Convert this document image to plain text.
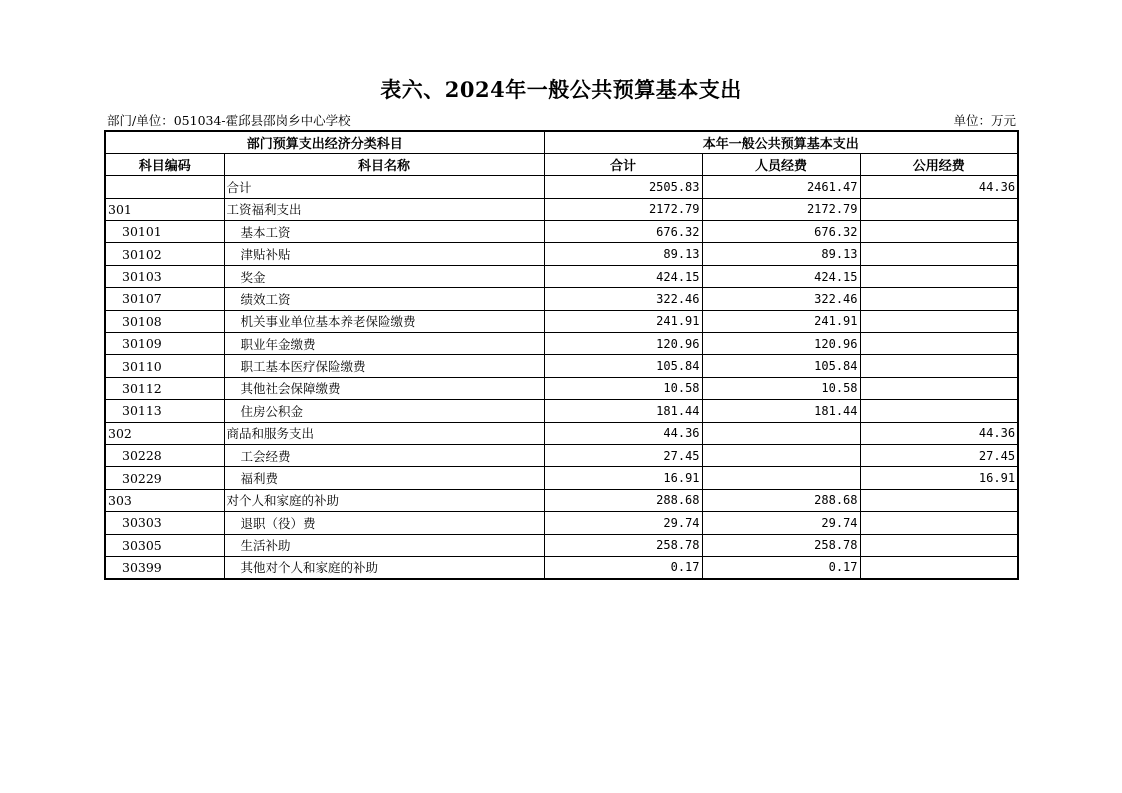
表六、2024年一般公共预算基本支出
部门/单位：051034-霍邱县邵岗乡中心学校	单位：万元
部门预算支出经济分类科目		本年一般公共预算基本支出		
科目编码	科目名称	合计	人员经费	公用经费
	合计	2505.83	2461.47	44.36
301	工资福利支出	2172.79	2172.79	
30101	基本工资	676.32	676.32	
30102	津贴补贴	89.13	89.13	
30103	奖金	424.15	424.15	
30107	绩效工资	322.46	322.46	
30108	机关事业单位基本养老保险缴费	241.91	241.91	
30109	职业年金缴费	120.96	120.96	
30110	职工基本医疗保险缴费	105.84	105.84	
30112	其他社会保障缴费	10.58	10.58	
30113	住房公积金	181.44	181.44	
302	商品和服务支出	44.36		44.36
30228	工会经费	27.45		27.45
30229	福利费	16.91		16.91
303	对个人和家庭的补助	288.68	288.68	
30303	退职（役）费	29.74	29.74	
30305	生活补助	258.78	258.78	
30399	其他对个人和家庭的补助	0.17	0.17	
